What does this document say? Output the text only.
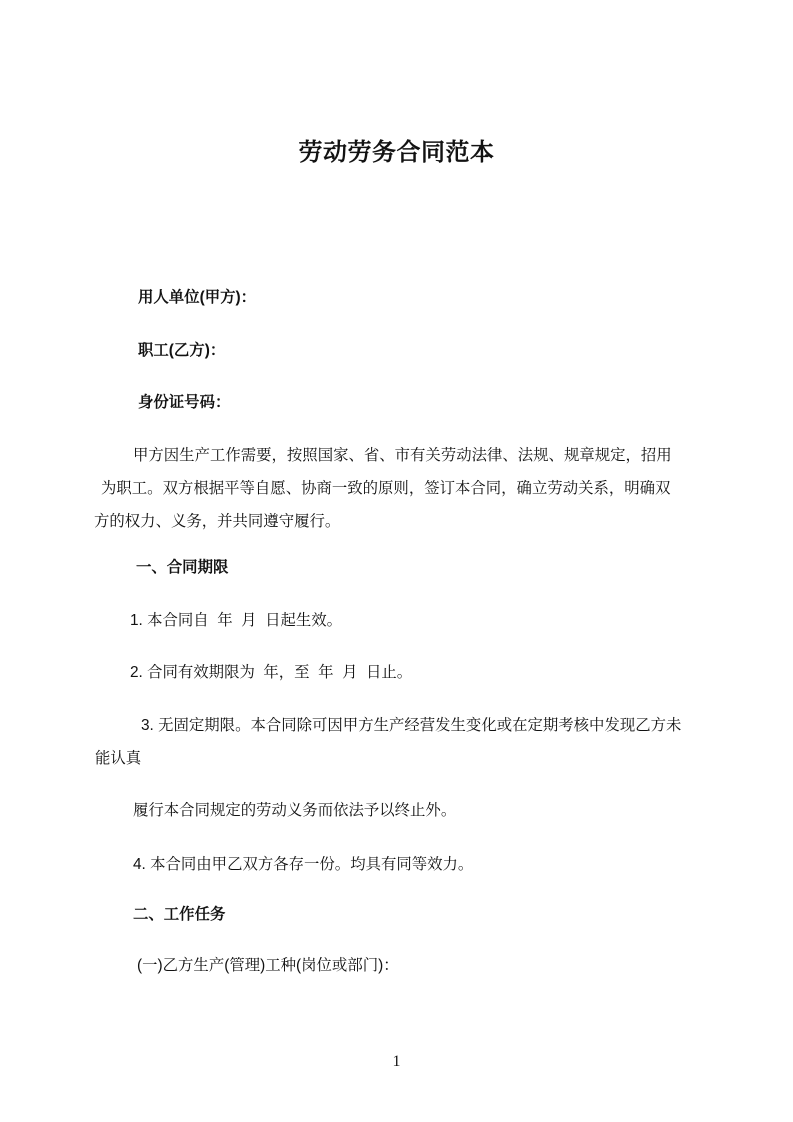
劳动劳务合同范本
用人单位(甲方)：
职工(乙方)：
身份证号码：
甲方因生产工作需要，按照国家、省、市有关劳动法律、法规、规章规定，招用
为职工。双方根据平等自愿、协商一致的原则，签订本合同，确立劳动关系，明确双
方的权力、义务，并共同遵守履行。
一、合同期限
1. 本合同自  年  月  日起生效。
2. 合同有效期限为  年，至  年  月  日止。
3. 无固定期限。本合同除可因甲方生产经营发生变化或在定期考核中发现乙方未
能认真
履行本合同规定的劳动义务而依法予以终止外。
4. 本合同由甲乙双方各存一份。均具有同等效力。
二、工作任务
(一)乙方生产(管理)工种(岗位或部门)：
1
